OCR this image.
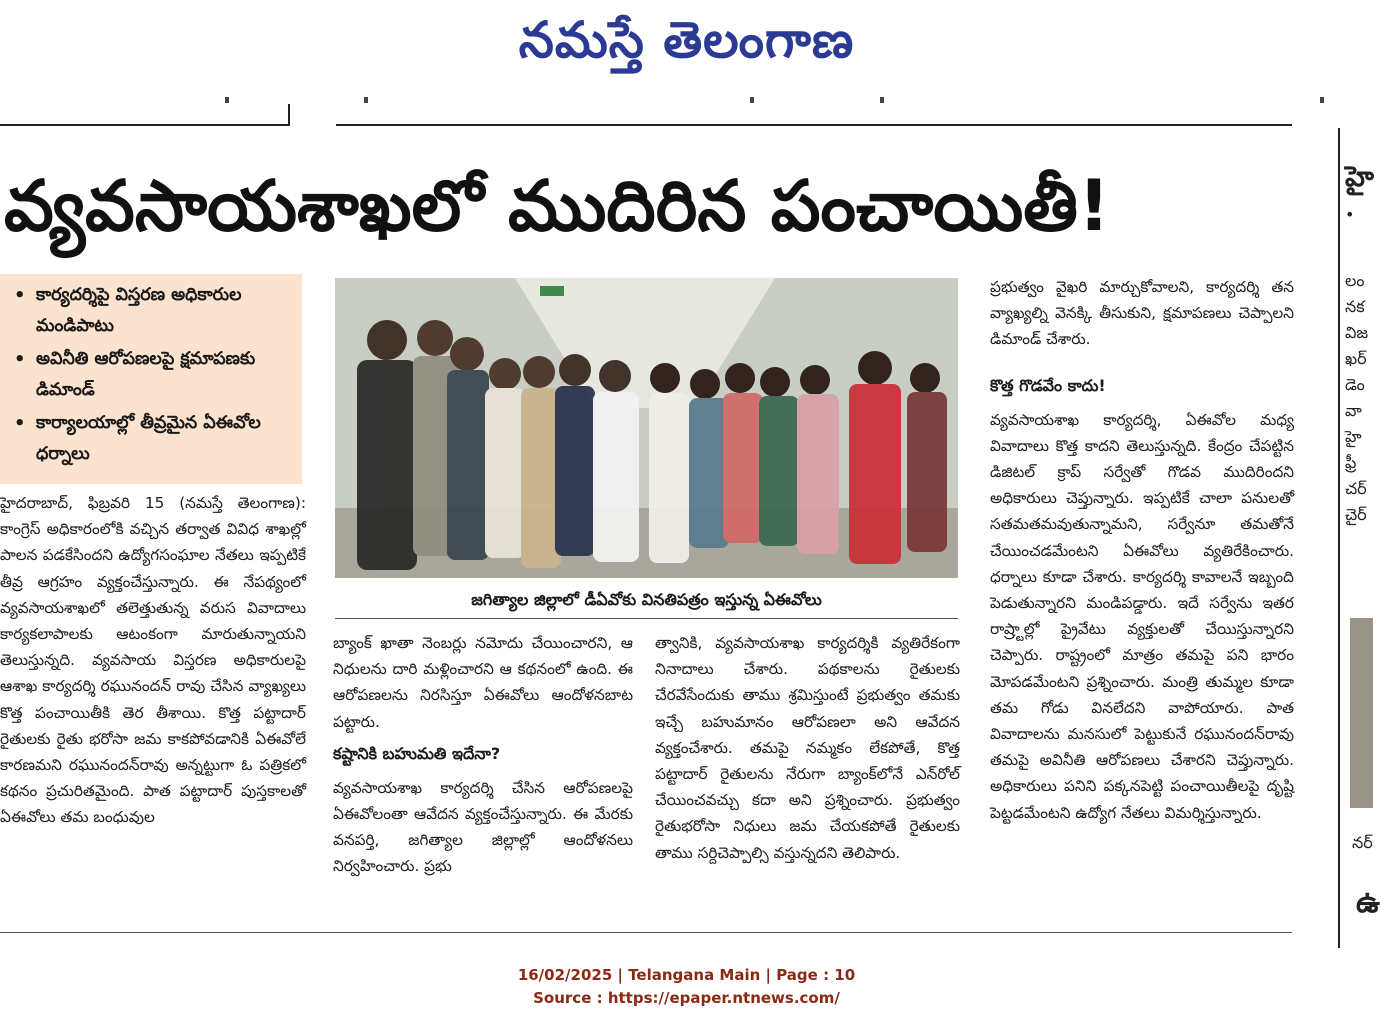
నమస్తే తెలంగాణ
వ్యవసాయశాఖలో ముదిరిన పంచాయితీ!
• కార్యదర్శిపై విస్తరణ అధికారుల మండిపాటు
• అవినీతి ఆరోపణలపై క్షమాపణకు డిమాండ్
• కార్యాలయాల్లో తీవ్రమైన ఏఈవోల ధర్నాలు
జగిత్యాల జిల్లాలో డీఏవోకు వినతిపత్రం ఇస్తున్న ఏఈవోలు

హైదరాబాద్, ఫిబ్రవరి 15 (నమస్తే తెలంగాణ): కాంగ్రెస్ అధికారంలోకి వచ్చిన తర్వాత వివిధ శాఖల్లో పాలన పడకేసిందని ఉద్యోగసంఘాల నేతలు ఇప్పటికే తీవ్ర ఆగ్రహం వ్యక్తంచేస్తున్నారు. ఈ నేపథ్యంలో వ్యవసాయశాఖలో తలెత్తుతున్న వరుస వివాదాలు కార్యకలాపాలకు ఆటంకంగా మారుతున్నాయని తెలుస్తున్నది. వ్యవసాయ విస్తరణ అధికారులపై ఆశాఖ కార్యదర్శి రఘునందన్ రావు చేసిన వ్యాఖ్యలు కొత్త పంచాయితీకి తెర తీశాయి. కొత్త పట్టాదార్ రైతులకు రైతు భరోసా జమ కాకపోవడానికి ఏఈవోలే కారణమని రఘునందన్‌రావు అన్నట్టుగా ఓ పత్రికలో కథనం ప్రచురితమైంది. పాత పట్టాదార్ పుస్తకాలతో ఏఈవోలు తమ బంధువుల

బ్యాంక్ ఖాతా నెంబర్లు నమోదు చేయించారని, ఆ నిధులను దారి మళ్లించారని ఆ కథనంలో ఉంది. ఈ ఆరోపణలను నిరసిస్తూ ఏఈవోలు ఆందోళనబాట పట్టారు.

కష్టానికి బహుమతి ఇదేనా?

వ్యవసాయశాఖ కార్యదర్శి చేసిన ఆరోపణలపై ఏఈవోలంతా ఆవేదన వ్యక్తంచేస్తున్నారు. ఈ మేరకు వనపర్తి, జగిత్యాల జిల్లాల్లో ఆందోళనలు నిర్వహించారు. ప్రభు

త్వానికి, వ్యవసాయశాఖ కార్యదర్శికి వ్యతిరేకంగా నినాదాలు చేశారు. పథకాలను రైతులకు చేరవేసేందుకు తాము శ్రమిస్తుంటే ప్రభుత్వం తమకు ఇచ్చే బహుమానం ఆరోపణలా అని ఆవేదన వ్యక్తంచేశారు. తమపై నమ్మకం లేకపోతే, కొత్త పట్టాదార్ రైతులను నేరుగా బ్యాంక్‌లోనే ఎన్‌రోల్ చేయించవచ్చు కదా అని ప్రశ్నించారు. ప్రభుత్వం రైతుభరోసా నిధులు జమ చేయకపోతే రైతులకు తాము సర్దిచెప్పాల్సి వస్తున్నదని తెలిపారు.

ప్రభుత్వం వైఖరి మార్చుకోవాలని, కార్యదర్శి తన వ్యాఖ్యల్ని వెనక్కి తీసుకుని, క్షమాపణలు చెప్పాలని డిమాండ్ చేశారు.

కొత్త గొడవేం కాదు!

వ్యవసాయశాఖ కార్యదర్శి, ఏఈవోల మధ్య వివాదాలు కొత్త కాదని తెలుస్తున్నది. కేంద్రం చేపట్టిన డిజిటల్ క్రాప్ సర్వేతో గొడవ ముదిరిందని అధికారులు చెప్తున్నారు. ఇప్పటికే చాలా పనులతో సతమతమవుతున్నామని, సర్వేనూ తమతోనే చేయించడమేంటని ఏఈవోలు వ్యతిరేకించారు. ధర్నాలు కూడా చేశారు. కార్యదర్శి కావాలనే ఇబ్బంది పెడుతున్నారని మండిపడ్డారు. ఇదే సర్వేను ఇతర రాష్ర్టాల్లో ప్రైవేటు వ్యక్తులతో చేయిస్తున్నారని చెప్పారు. రాష్ట్రంలో మాత్రం తమపై పని భారం మోపడమేంటని ప్రశ్నించారు. మంత్రి తుమ్మల కూడా తమ గోడు వినలేదని వాపోయారు. పాత వివాదాలను మనసులో పెట్టుకునే రఘునందన్‌రావు తమపై అవినీతి ఆరోపణలు చేశారని చెప్తున్నారు. అధికారులు పనిని పక్కనపెట్టి పంచాయితీలపై దృష్టి పెట్టడమేంటని ఉద్యోగ నేతలు విమర్శిస్తున్నారు.

హై
•
లం
నక
విజ
ఖర్
డెం
వా
హై
ఫ్రీ
చర్
చైర్
నర్
ఉ
16/02/2025 | Telangana Main | Page : 10
Source : https://epaper.ntnews.com/
